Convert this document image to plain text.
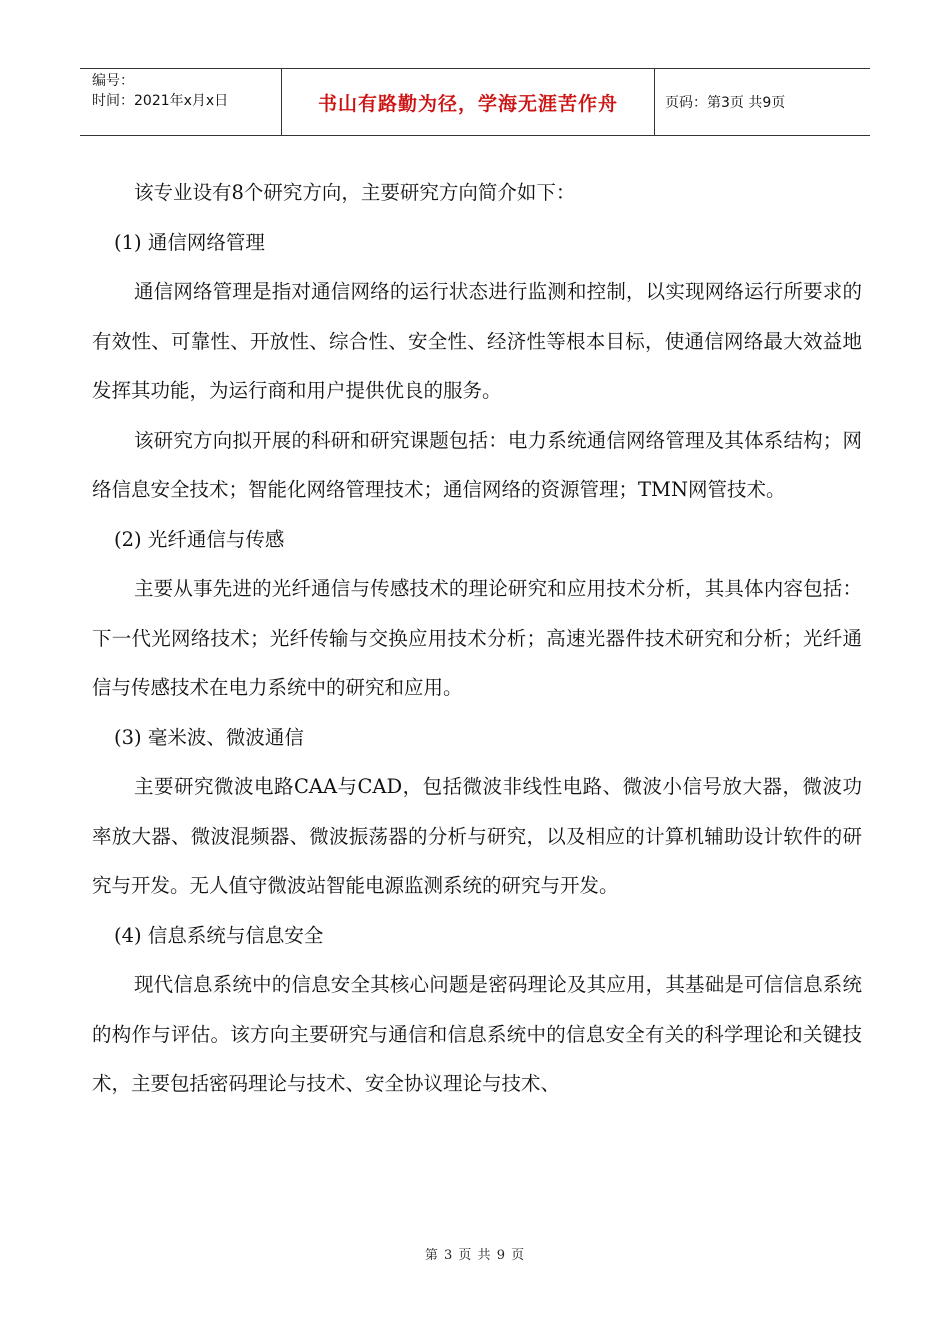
编号：
时间：2021年x月x日	书山有路勤为径，学海无涯苦作舟	页码：第3页 共9页

该专业设有8个研究方向，主要研究方向简介如下：

(1) 通信网络管理

通信网络管理是指对通信网络的运行状态进行监测和控制，以实现网络运行所要求的有效性、可靠性、开放性、综合性、安全性、经济性等根本目标，使通信网络最大效益地发挥其功能，为运行商和用户提供优良的服务。

该研究方向拟开展的科研和研究课题包括：电力系统通信网络管理及其体系结构；网络信息安全技术；智能化网络管理技术；通信网络的资源管理；TMN网管技术。

(2) 光纤通信与传感

主要从事先进的光纤通信与传感技术的理论研究和应用技术分析，其具体内容包括：下一代光网络技术；光纤传输与交换应用技术分析；高速光器件技术研究和分析；光纤通信与传感技术在电力系统中的研究和应用。

(3) 毫米波、微波通信

主要研究微波电路CAA与CAD，包括微波非线性电路、微波小信号放大器，微波功率放大器、微波混频器、微波振荡器的分析与研究，以及相应的计算机辅助设计软件的研究与开发。无人值守微波站智能电源监测系统的研究与开发。

(4) 信息系统与信息安全

现代信息系统中的信息安全其核心问题是密码理论及其应用，其基础是可信信息系统的构作与评估。该方向主要研究与通信和信息系统中的信息安全有关的科学理论和关键技术，主要包括密码理论与技术、安全协议理论与技术、

第 3 页 共 9 页
